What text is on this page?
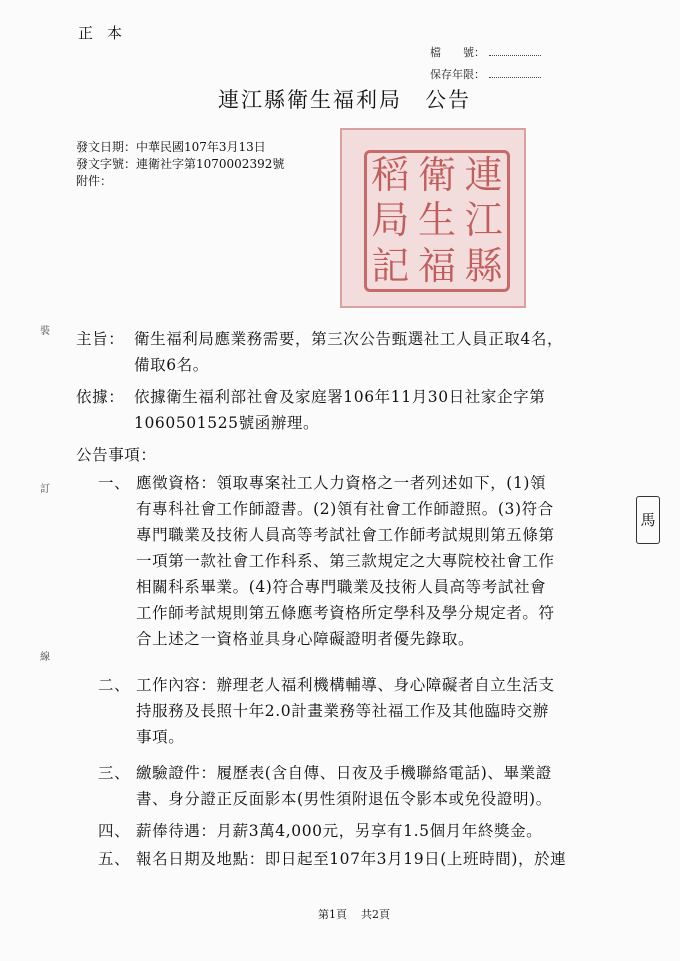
正本
檔　　號：
保存年限：
連江縣衛生福利局　公告
發文日期：中華民國107年3月13日
發文字號：連衛社字第1070002392號
附件：	稻 衛 連
局 生 江
記 福 縣
裝
訂
線
馬
主旨： 衛生福利局應業務需要，第三次公告甄選社工人員正取4名，
備取6名。
依據： 依據衛生福利部社會及家庭署106年11月30日社家企字第
1060501525號函辦理。
公告事項：
一、 應徵資格：領取專案社工人力資格之一者列述如下，(1)領
有專科社會工作師證書。(2)領有社會工作師證照。(3)符合
專門職業及技術人員高等考試社會工作師考試規則第五條第
一項第一款社會工作科系、第三款規定之大專院校社會工作
相關科系畢業。(4)符合專門職業及技術人員高等考試社會
工作師考試規則第五條應考資格所定學科及學分規定者。符
合上述之一資格並具身心障礙證明者優先錄取。
二、 工作內容：辦理老人福利機構輔導、身心障礙者自立生活支
持服務及長照十年2.0計畫業務等社福工作及其他臨時交辦
事項。
三、 繳驗證件：履歷表(含自傳、日夜及手機聯絡電話)、畢業證
書、身分證正反面影本(男性須附退伍令影本或免役證明)。
四、 薪俸待遇：月薪3萬4,000元，另享有1.5個月年終獎金。
五、 報名日期及地點：即日起至107年3月19日(上班時間)，於連
第1頁 共2頁
